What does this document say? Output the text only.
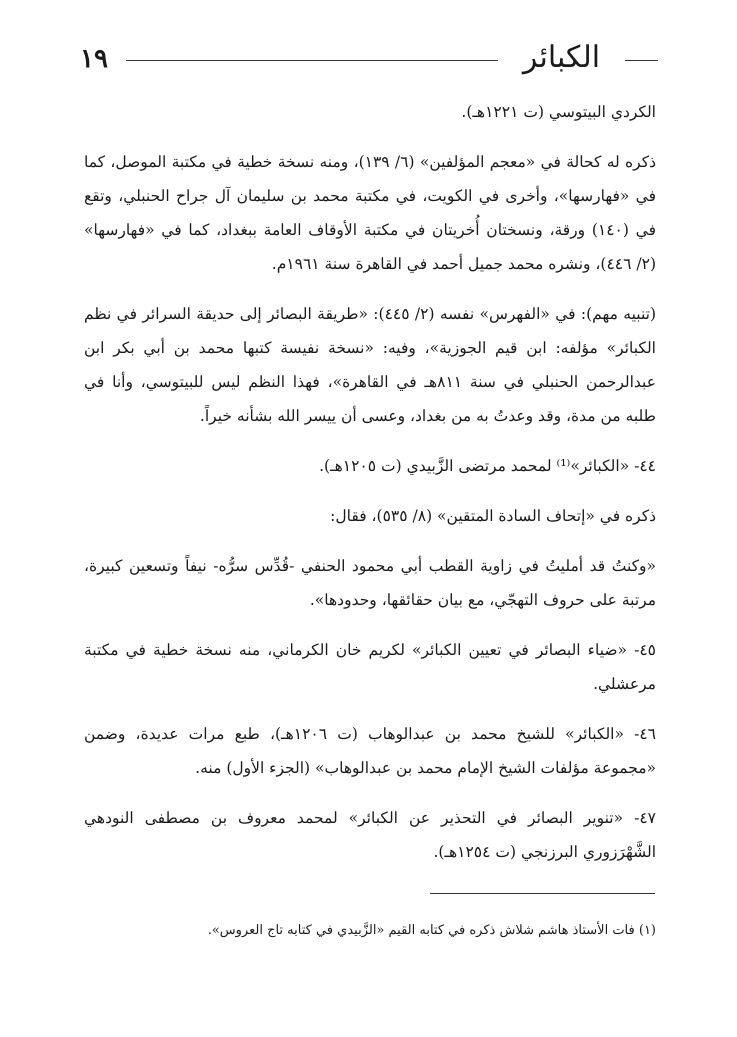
١٩	الكبائر

الكردي البيتوسي (ت ١٢٢١هـ).

ذكره له كحالة في «معجم المؤلفين» (٦/ ١٣٩)، ومنه نسخة خطية في مكتبة الموصل، كما في «فهارسها»، وأخرى في الكويت، في مكتبة محمد بن سليمان آل جراح الحنبلي، وتقع في (١٤٠) ورقة، ونسختان أُخريتان في مكتبة الأوقاف العامة ببغداد، كما في «فهارسها» (٢/ ٤٤٦)، ونشره محمد جميل أحمد في القاهرة سنة ١٩٦١م.

(تنبيه مهم): في «الفهرس» نفسه (٢/ ٤٤٥): «طريقة البصائر إلى حديقة السرائر في نظم الكبائر» مؤلفه: ابن قيم الجوزية»، وفيه: «نسخة نفيسة كتبها محمد بن أبي بكر ابن عبدالرحمن الحنبلي في سنة ٨١١هـ في القاهرة»، فهذا النظم ليس للبيتوسي، وأنا في طلبه من مدة، وقد وعدتُ به من بغداد، وعسى أن ييسر الله بشأنه خيراً.

٤٤- «الكبائر»⁽¹⁾ لمحمد مرتضى الزَّبيدي (ت ١٢٠٥هـ).

ذكره في «إتحاف السادة المتقين» (٨/ ٥٣٥)، فقال:

«وكنتُ قد أمليتُ في زاوية القطب أبي محمود الحنفي -قُدِّس سرُّه- نيفاً وتسعين كبيرة، مرتبة على حروف التهجّي، مع بيان حقائقها، وحدودها».

٤٥- «ضياء البصائر في تعيين الكبائر» لكريم خان الكرماني، منه نسخة خطية في مكتبة مرعشلي.

٤٦- «الكبائر» للشيخ محمد بن عبدالوهاب (ت ١٢٠٦هـ)، طبع مرات عديدة، وضمن «مجموعة مؤلفات الشيخ الإمام محمد بن عبدالوهاب» (الجزء الأول) منه.

٤٧- «تنوير البصائر في التحذير عن الكبائر» لمحمد معروف بن مصطفى النودهي الشَّهْرَزوري البرزنجي (ت ١٢٥٤هـ).

(١) فات الأستاذ هاشم شلاش ذكره في كتابه القيم «الزَّبيدي في كتابه تاج العروس».
